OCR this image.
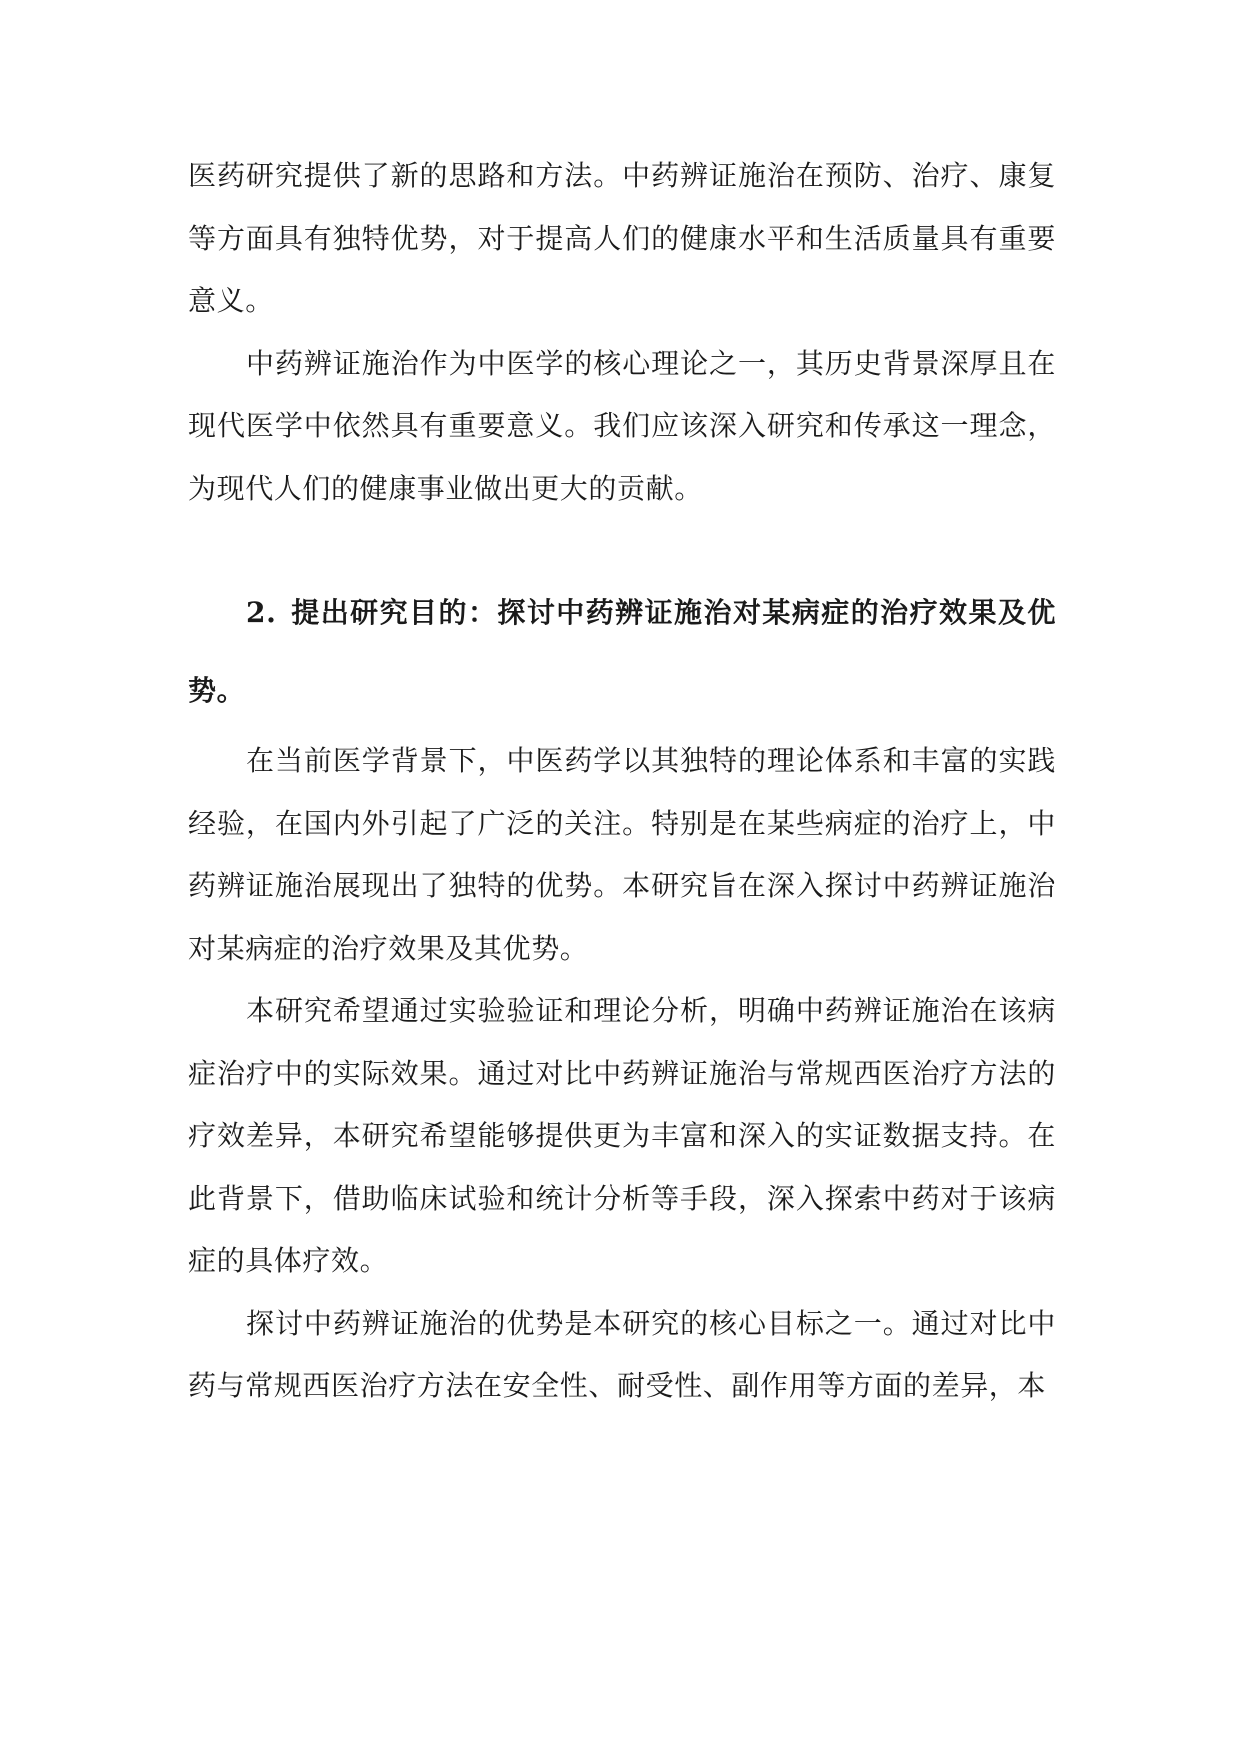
医药研究提供了新的思路和方法。中药辨证施治在预防、治疗、康复等方面具有独特优势，对于提高人们的健康水平和生活质量具有重要意义。

中药辨证施治作为中医学的核心理论之一，其历史背景深厚且在现代医学中依然具有重要意义。我们应该深入研究和传承这一理念，为现代人们的健康事业做出更大的贡献。

2. 提出研究目的：探讨中药辨证施治对某病症的治疗效果及优势。

在当前医学背景下，中医药学以其独特的理论体系和丰富的实践经验，在国内外引起了广泛的关注。特别是在某些病症的治疗上，中药辨证施治展现出了独特的优势。本研究旨在深入探讨中药辨证施治对某病症的治疗效果及其优势。

本研究希望通过实验验证和理论分析，明确中药辨证施治在该病症治疗中的实际效果。通过对比中药辨证施治与常规西医治疗方法的疗效差异，本研究希望能够提供更为丰富和深入的实证数据支持。在此背景下，借助临床试验和统计分析等手段，深入探索中药对于该病症的具体疗效。

探讨中药辨证施治的优势是本研究的核心目标之一。通过对比中药与常规西医治疗方法在安全性、耐受性、副作用等方面的差异，本
